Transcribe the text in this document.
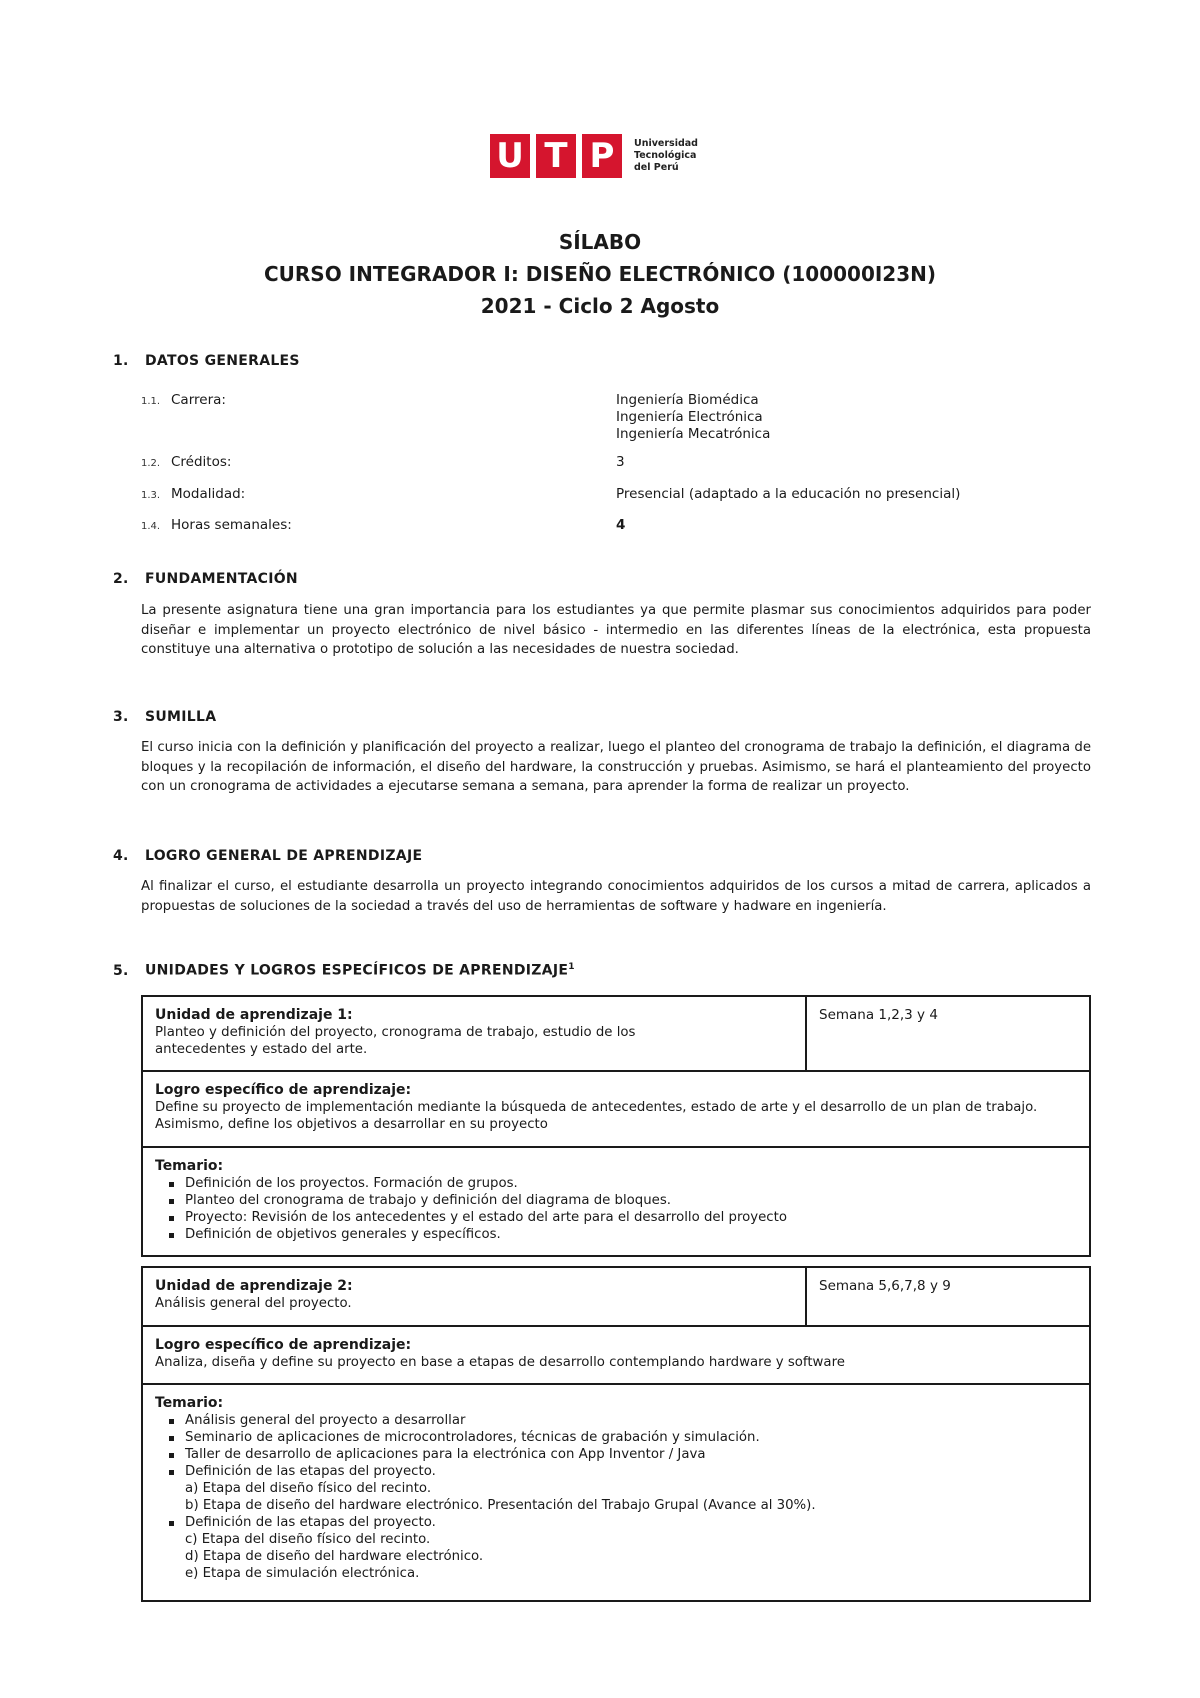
U T P	Universidad
Tecnológica
del Perú
SÍLABO
CURSO INTEGRADOR I: DISEÑO ELECTRÓNICO (100000I23N)
2021 - Ciclo 2 Agosto
1. DATOS GENERALES
1.1. Carrera:	Ingeniería Biomédica
Ingeniería Electrónica
Ingeniería Mecatrónica
1.2. Créditos:	3
1.3. Modalidad:	Presencial (adaptado a la educación no presencial)
1.4. Horas semanales:	4
2. FUNDAMENTACIÓN
La presente asignatura tiene una gran importancia para los estudiantes ya que permite plasmar sus conocimientos adquiridos para poder diseñar e implementar un proyecto electrónico de nivel básico - intermedio en las diferentes líneas de la electrónica, esta propuesta constituye una alternativa o prototipo de solución a las necesidades de nuestra sociedad.
3. SUMILLA
El curso inicia con la definición y planificación del proyecto a realizar, luego el planteo del cronograma de trabajo la definición, el diagrama de bloques y la recopilación de información, el diseño del hardware, la construcción y pruebas. Asimismo, se hará el planteamiento del proyecto con un cronograma de actividades a ejecutarse semana a semana, para aprender la forma de realizar un proyecto.
4. LOGRO GENERAL DE APRENDIZAJE
Al finalizar el curso, el estudiante desarrolla un proyecto integrando conocimientos adquiridos de los cursos a mitad de carrera, aplicados a propuestas de soluciones de la sociedad a través del uso de herramientas de software y hadware en ingeniería.
5. UNIDADES Y LOGROS ESPECÍFICOS DE APRENDIZAJE$^1$
Unidad de aprendizaje 1:
Planteo y definición del proyecto, cronograma de trabajo, estudio de los antecedentes y estado del arte.
Semana 1,2,3 y 4
Logro específico de aprendizaje:
Define su proyecto de implementación mediante la búsqueda de antecedentes, estado de arte y el desarrollo de un plan de trabajo. Asimismo, define los objetivos a desarrollar en su proyecto
Temario:
Definición de los proyectos. Formación de grupos.
Planteo del cronograma de trabajo y definición del diagrama de bloques.
Proyecto: Revisión de los antecedentes y el estado del arte para el desarrollo del proyecto
Definición de objetivos generales y específicos.
Unidad de aprendizaje 2:
Análisis general del proyecto.
Semana 5,6,7,8 y 9
Logro específico de aprendizaje:
Analiza, diseña y define su proyecto en base a etapas de desarrollo contemplando hardware y software
Temario:
Análisis general del proyecto a desarrollar
Seminario de aplicaciones de microcontroladores, técnicas de grabación y simulación.
Taller de desarrollo de aplicaciones para la electrónica con App Inventor / Java
Definición de las etapas del proyecto.
a) Etapa del diseño físico del recinto.
b) Etapa de diseño del hardware electrónico. Presentación del Trabajo Grupal (Avance al 30%).
Definición de las etapas del proyecto.
c) Etapa del diseño físico del recinto.
d) Etapa de diseño del hardware electrónico.
e) Etapa de simulación electrónica.
